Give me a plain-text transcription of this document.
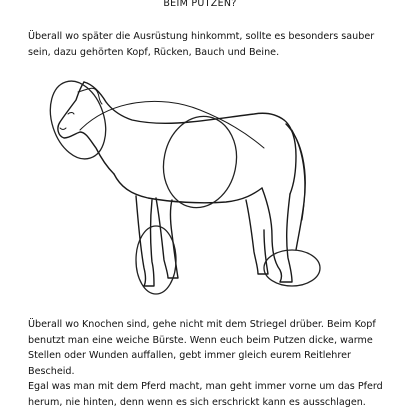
BEIM PUTZEN?
Überall wo später die Ausrüstung hinkommt, sollte es besonders sauber
sein, dazu gehörten Kopf, Rücken, Bauch und Beine.
Überall wo Knochen sind, gehe nicht mit dem Striegel drüber. Beim Kopf
benutzt man eine weiche Bürste. Wenn euch beim Putzen dicke, warme
Stellen oder Wunden auffallen, gebt immer gleich eurem Reitlehrer
Bescheid.
Egal was man mit dem Pferd macht, man geht immer vorne um das Pferd
herum, nie hinten, denn wenn es sich erschrickt kann es ausschlagen.
